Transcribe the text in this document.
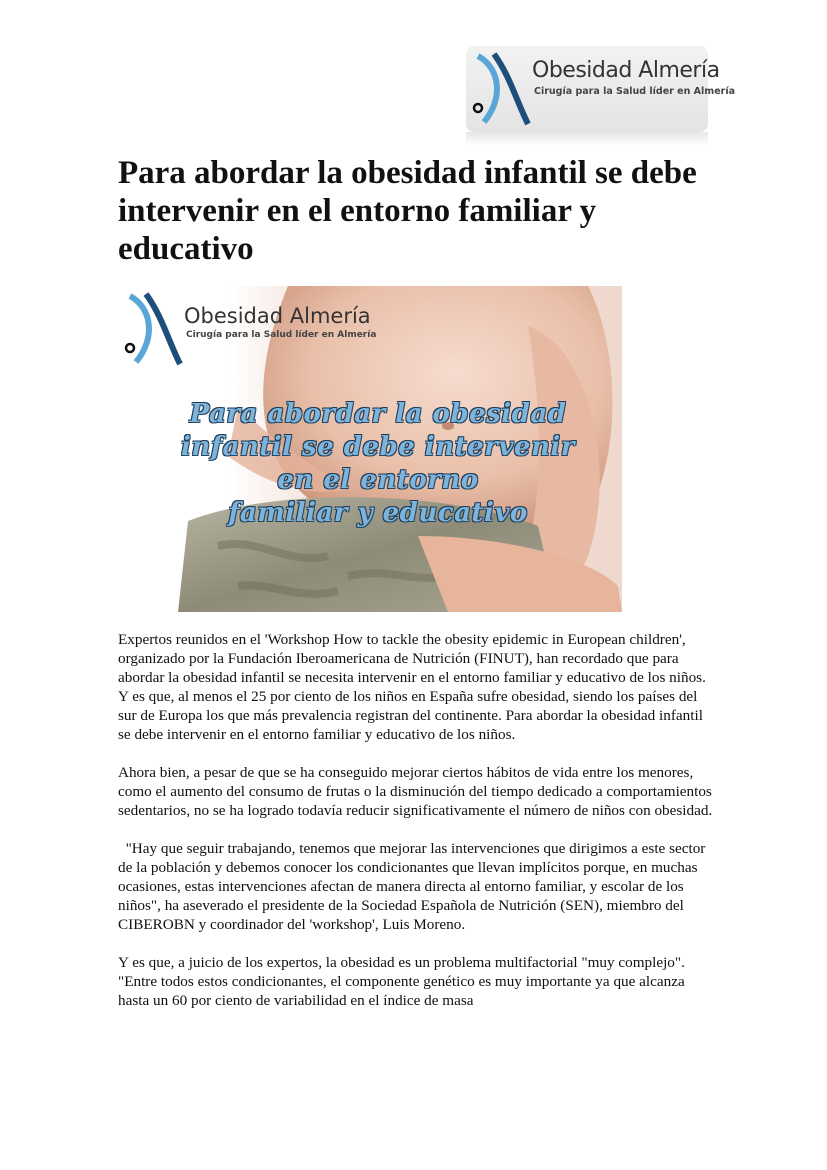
Obesidad Almería
Cirugía para la Salud líder en Almería
Para abordar la obesidad infantil se debe intervenir en el entorno familiar y educativo
Obesidad Almería
Cirugía para la Salud líder en Almería
Para abordar la obesidad
infantil se debe intervenir
en el entorno
familiar y educativo

Expertos reunidos en el 'Workshop How to tackle the obesity epidemic in European children', organizado por la Fundación Iberoamericana de Nutrición (FINUT), han recordado que para abordar la obesidad infantil se necesita intervenir en el entorno familiar y educativo de los niños. Y es que, al menos el 25 por ciento de los niños en España sufre obesidad, siendo los países del sur de Europa los que más prevalencia registran del continente. Para abordar la obesidad infantil se debe intervenir en el entorno familiar y educativo de los niños.

Ahora bien, a pesar de que se ha conseguido mejorar ciertos hábitos de vida entre los menores, como el aumento del consumo de frutas o la disminución del tiempo dedicado a comportamientos sedentarios, no se ha logrado todavía reducir significativamente el número de niños con obesidad.

"Hay que seguir trabajando, tenemos que mejorar las intervenciones que dirigimos a este sector de la población y debemos conocer los condicionantes que llevan implícitos porque, en muchas ocasiones, estas intervenciones afectan de manera directa al entorno familiar, y escolar de los niños", ha aseverado el presidente de la Sociedad Española de Nutrición (SEN), miembro del CIBEROBN y coordinador del 'workshop', Luis Moreno.

Y es que, a juicio de los expertos, la obesidad es un problema multifactorial "muy complejo". "Entre todos estos condicionantes, el componente genético es muy importante ya que alcanza hasta un 60 por ciento de variabilidad en el índice de masa
